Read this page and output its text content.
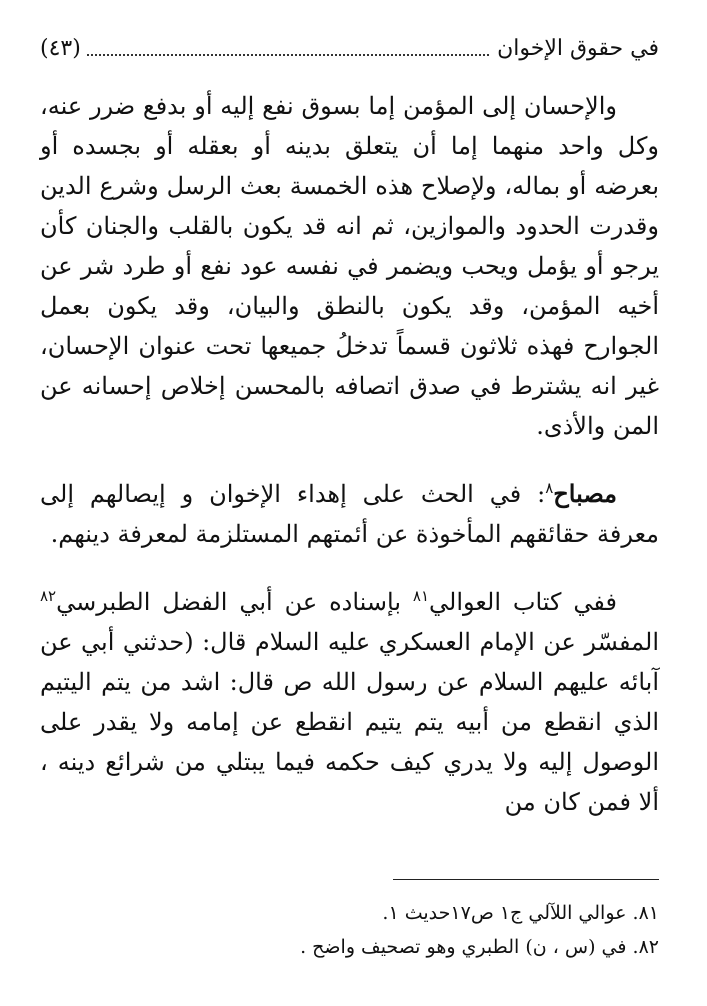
في حقوق الإخوان
(٤٣)

والإحسان إلى المؤمن إما بسوق نفع إليه أو بدفع ضرر عنه، وكل واحد منهما إما أن يتعلق بدينه أو بعقله أو بجسده أو بعرضه أو بماله، ولإصلاح هذه الخمسة بعث الرسل وشرع الدين وقدرت الحدود والموازين، ثم انه قد يكون بالقلب والجنان كأن يرجو أو يؤمل ويحب ويضمر في نفسه عود نفع أو طرد شر عن أخيه المؤمن، وقد يكون بالنطق والبيان، وقد يكون بعمل الجوارح فهذه ثلاثون قسماً تدخلُ جميعها تحت عنوان الإحسان، غير انه يشترط في صدق اتصافه بالمحسن إخلاص إحسانه عن المن والأذى.

مصباح$^٨$: في الحث على إهداء الإخوان و إيصالهم إلى معرفة حقائقهم المأخوذة عن أئمتهم المستلزمة لمعرفة دينهم.

ففي كتاب العوالي$^{٨١}$ بإسناده عن أبي الفضل الطبرسي$^{٨٢}$ المفسّر عن الإمام العسكري عليه السلام قال: (حدثني أبي عن آبائه عليهم السلام عن رسول الله ص قال: اشد من يتم اليتيم الذي انقطع من أبيه يتم يتيم انقطع عن إمامه ولا يقدر على الوصول إليه ولا يدري كيف حكمه فيما يبتلي من شرائع دينه ، ألا فمن كان من

٨١. عوالي اللآلي ج١ ص١٧حديث ١.

٨٢. في (س ، ن) الطبري وهو تصحيف واضح .
